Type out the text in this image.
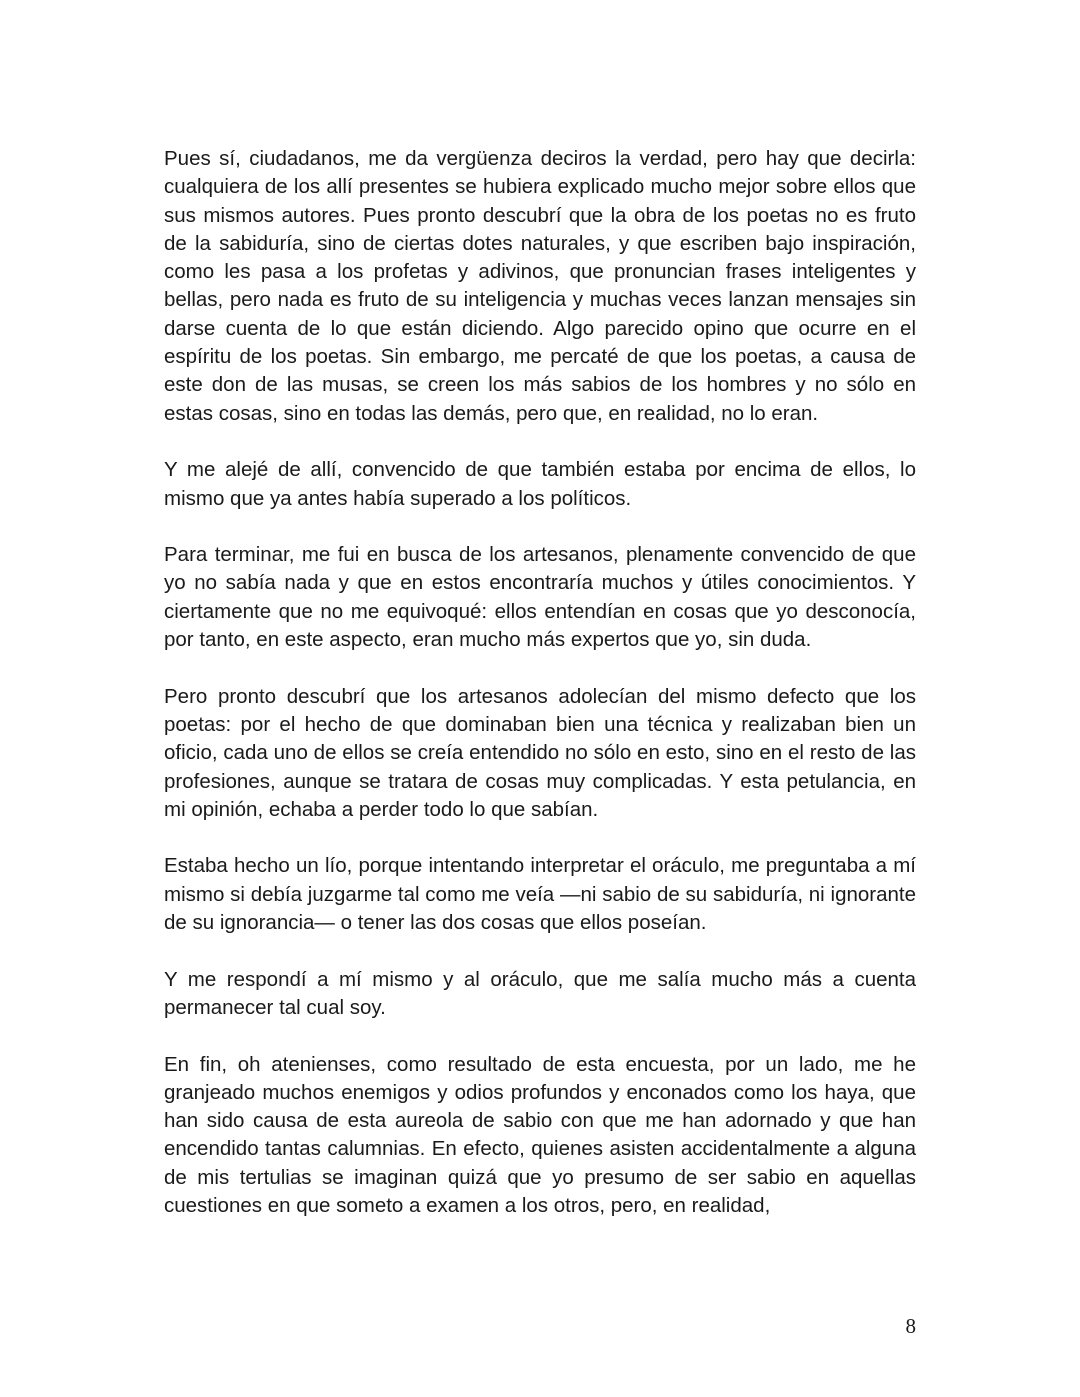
Pues sí, ciudadanos, me da vergüenza deciros la verdad, pero hay que decirla: cualquiera de los allí presentes se hubiera explicado mucho mejor sobre ellos que sus mismos autores. Pues pronto descubrí que la obra de los poetas no es fruto de la sabiduría, sino de ciertas dotes naturales, y que escriben bajo inspiración, como les pasa a los profetas y adivinos, que pronuncian frases inteligentes y bellas, pero nada es fruto de su inteligencia y muchas veces lanzan mensajes sin darse cuenta de lo que están diciendo. Algo parecido opino que ocurre en el espíritu de los poetas. Sin embargo, me percaté de que los poetas, a causa de este don de las musas, se creen los más sabios de los hombres y no sólo en estas cosas, sino en todas las demás, pero que, en realidad, no lo eran.

Y me alejé de allí, convencido de que también estaba por encima de ellos, lo mismo que ya antes había superado a los políticos.

Para terminar, me fui en busca de los artesanos, plenamente convencido de que yo no sabía nada y que en estos encontraría muchos y útiles conocimientos. Y ciertamente que no me equivoqué: ellos entendían en cosas que yo desconocía, por tanto, en este aspecto, eran mucho más expertos que yo, sin duda.

Pero pronto descubrí que los artesanos adolecían del mismo defecto que los poetas: por el hecho de que dominaban bien una técnica y realizaban bien un oficio, cada uno de ellos se creía entendido no sólo en esto, sino en el resto de las profesiones, aunque se tratara de cosas muy complicadas. Y esta petulancia, en mi opinión, echaba a perder todo lo que sabían.

Estaba hecho un lío, porque intentando interpretar el oráculo, me preguntaba a mí mismo si debía juzgarme tal como me veía —ni sabio de su sabiduría, ni ignorante de su ignorancia— o tener las dos cosas que ellos poseían.

Y me respondí a mí mismo y al oráculo, que me salía mucho más a cuenta permanecer tal cual soy.

En fin, oh atenienses, como resultado de esta encuesta, por un lado, me he granjeado muchos enemigos y odios profundos y enconados como los haya, que han sido causa de esta aureola de sabio con que me han adornado y que han encendido tantas calumnias. En efecto, quienes asisten accidentalmente a alguna de mis tertulias se imaginan quizá que yo presumo de ser sabio en aquellas cuestiones en que someto a examen a los otros, pero, en realidad,

8
